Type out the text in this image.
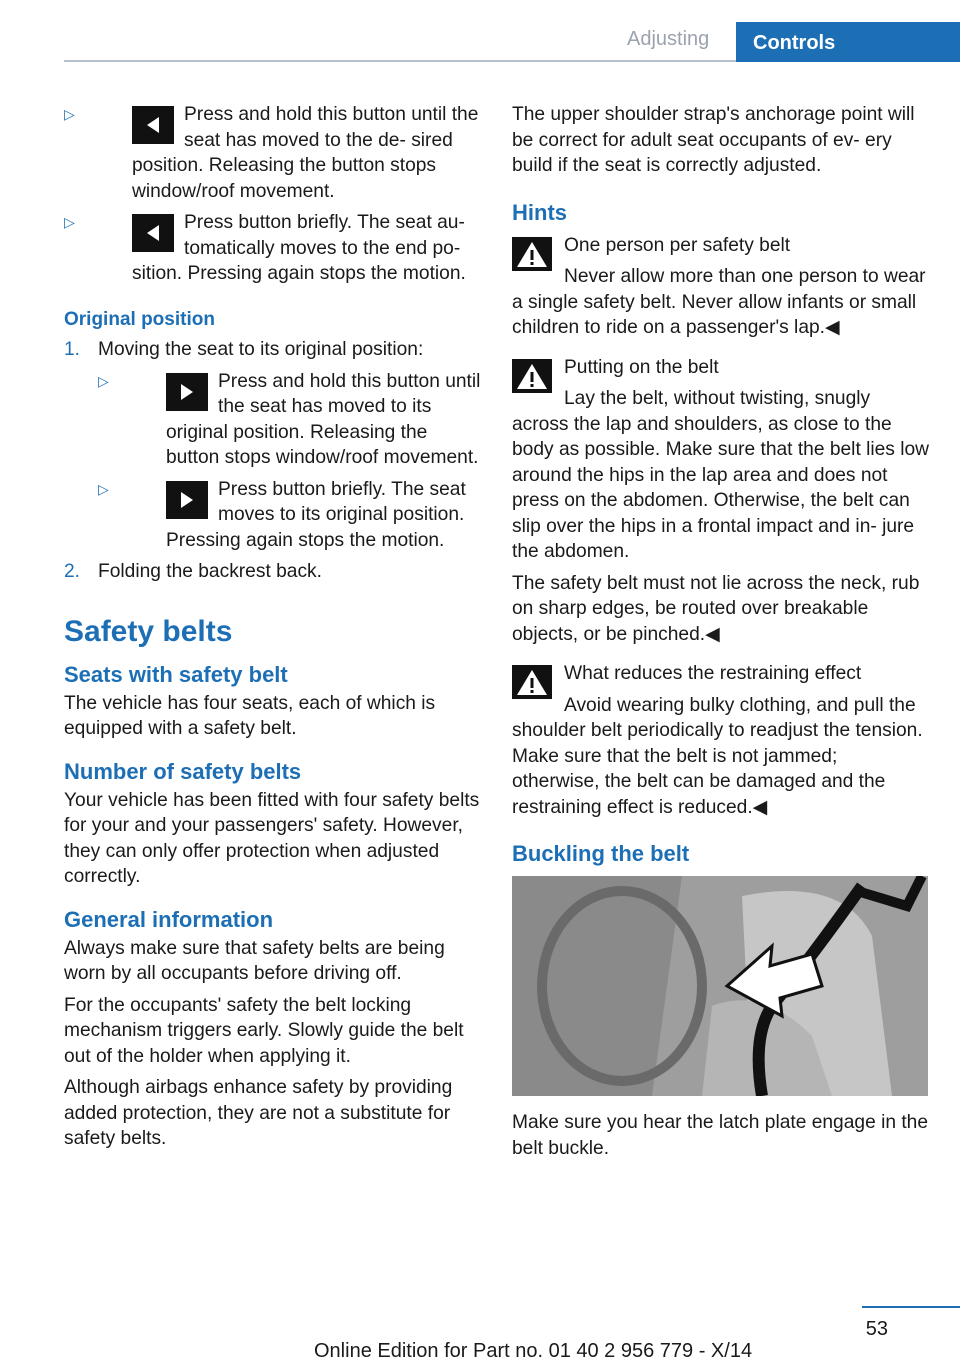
Adjusting	Controls
▷	Press and hold this button until the seat has moved to the de- sired position. Releasing the button stops window/roof movement.
▷	Press button briefly. The seat au- tomatically moves to the end po- sition. Pressing again stops the motion.
Original position
1. Moving the seat to its original position:

▷	Press and hold this button until the seat has moved to its original position. Releasing the button stops window/roof movement.
▷	Press button briefly. The seat moves to its original position. Pressing again stops the motion.
2. Folding the backrest back.

Safety belts
Seats with safety belt

The vehicle has four seats, each of which is equipped with a safety belt.

Number of safety belts

Your vehicle has been fitted with four safety belts for your and your passengers' safety. However, they can only offer protection when adjusted correctly.

General information

Always make sure that safety belts are being worn by all occupants before driving off.

For the occupants' safety the belt locking mechanism triggers early. Slowly guide the belt out of the holder when applying it.

Although airbags enhance safety by providing added protection, they are not a substitute for safety belts.

The upper shoulder strap's anchorage point will be correct for adult seat occupants of ev- ery build if the seat is correctly adjusted.

Hints

One person per safety belt

Never allow more than one person to wear a single safety belt. Never allow infants or small children to ride on a passenger's lap.◀

Putting on the belt

Lay the belt, without twisting, snugly across the lap and shoulders, as close to the body as possible. Make sure that the belt lies low around the hips in the lap area and does not press on the abdomen. Otherwise, the belt can slip over the hips in a frontal impact and in- jure the abdomen.

The safety belt must not lie across the neck, rub on sharp edges, be routed over breakable objects, or be pinched.◀

What reduces the restraining effect

Avoid wearing bulky clothing, and pull the shoulder belt periodically to readjust the tension. Make sure that the belt is not jammed; otherwise, the belt can be damaged and the restraining effect is reduced.◀

Buckling the belt

Make sure you hear the latch plate engage in the belt buckle.

53
Online Edition for Part no. 01 40 2 956 779 - X/14
